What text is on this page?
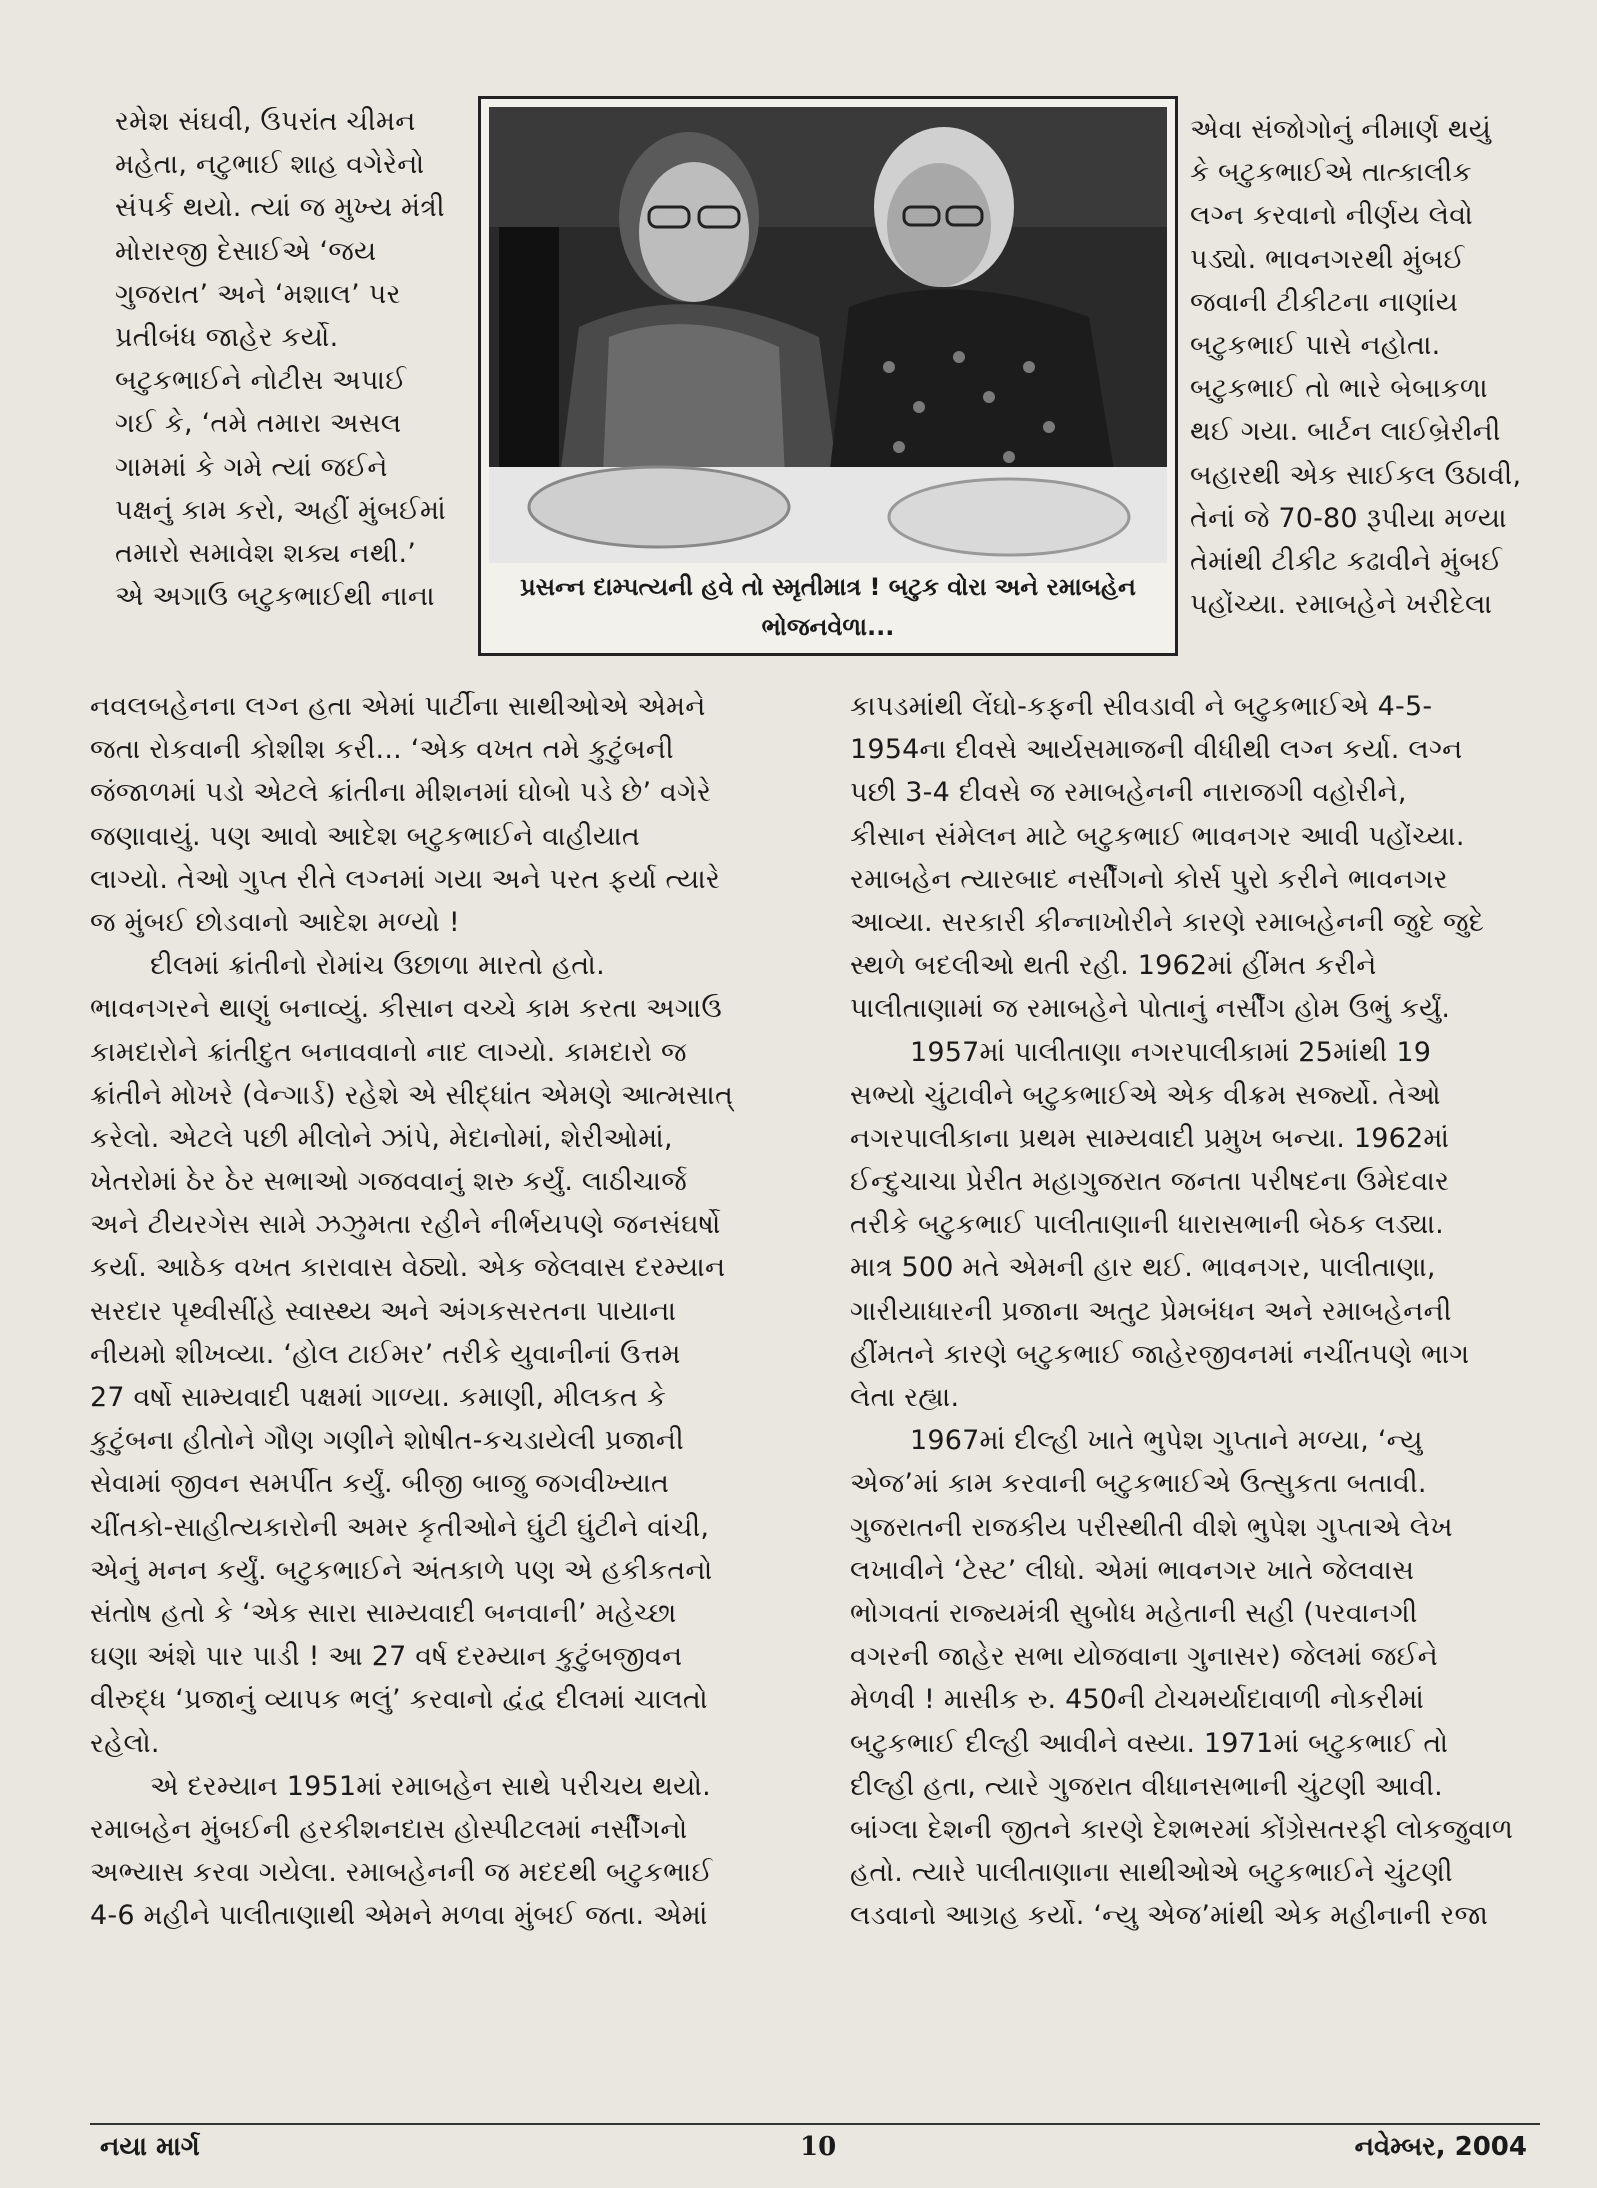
રમેશ સંઘવી, ઉપરાંત ચીમન
મહેતા, નટુભાઈ શાહ વગેરેનો
સંપર્ક થયો. ત્યાં જ મુખ્ય મંત્રી
મોરારજી દેસાઈએ ‘જય
ગુજરાત’ અને ‘મશાલ’ પર
પ્રતીબંધ જાહેર કર્યો.
બટુકભાઈને નોટીસ અપાઈ
ગઈ કે, ‘તમે તમારા અસલ
ગામમાં કે ગમે ત્યાં જઈને
પક્ષનું કામ કરો, અહીં મુંબઈમાં
તમારો સમાવેશ શક્ય નથી.’
એ અગાઉ બટુકભાઈથી નાના
એવા સંજોગોનું નીમાર્ણ થયું
કે બટુકભાઈએ તાત્કાલીક
લગ્ન કરવાનો નીર્ણય લેવો
પડ્યો. ભાવનગરથી મુંબઈ
જવાની ટીકીટના નાણાંય
બટુકભાઈ પાસે નહોતા.
બટુકભાઈ તો ભારે બેબાકળા
થઈ ગયા. બાર્ટન લાઈબ્રેરીની
બહારથી એક સાઈકલ ઉઠાવી,
તેનાં જે 70-80 રૂપીયા મળ્યા
તેમાંથી ટીકીટ કઢાવીને મુંબઈ
પહોંચ્યા. રમાબહેને ખરીદેલા
પ્રસન્ન દામ્પત્યની હવે તો સ્મૃતીમાત્ર ! બટુક વોરા અને રમાબહેન
ભોજનવેળા...
નવલબહેનના લગ્ન હતા એમાં પાર્ટીના સાથીઓએ એમને
જતા રોકવાની કોશીશ કરી... ‘એક વખત તમે કુટુંબની
જંજાળમાં પડો એટલે ક્રાંતીના મીશનમાં ઘોબો પડે છે’ વગેરે
જણાવાયું. પણ આવો આદેશ બટુકભાઈને વાહીયાત
લાગ્યો. તેઓ ગુપ્ત રીતે લગ્નમાં ગયા અને પરત ફર્યા ત્યારે
જ મુંબઈ છોડવાનો આદેશ મળ્યો !
દીલમાં ક્રાંતીનો રોમાંચ ઉછાળા મારતો હતો.
ભાવનગરને થાણું બનાવ્યું. કીસાન વચ્ચે કામ કરતા અગાઉ
કામદારોને ક્રાંતીદુત બનાવવાનો નાદ લાગ્યો. કામદારો જ
ક્રાંતીને મોખરે (વેન્ગાર્ડ) રહેશે એ સીદ્ધાંત એમણે આત્મસાત્
કરેલો. એટલે પછી મીલોને ઝાંપે, મેદાનોમાં, શેરીઓમાં,
ખેતરોમાં ઠેર ઠેર સભાઓ ગજવવાનું શરુ કર્યું. લાઠીચાર્જ
અને ટીયરગેસ સામે ઝઝુમતા રહીને નીર્ભયપણે જનસંઘર્ષો
કર્યા. આઠેક વખત કારાવાસ વેઠ્યો. એક જેલવાસ દરમ્યાન
સરદાર પૃથ્વીસીંહે સ્વાસ્થ્ય અને અંગકસરતના પાયાના
નીયમો શીખવ્યા. ‘હોલ ટાઈમર’ તરીકે યુવાનીનાં ઉત્તમ
27 વર્ષો સામ્યવાદી પક્ષમાં ગાળ્યા. કમાણી, મીલકત કે
કુટુંબના હીતોને ગૌણ ગણીને શોષીત-કચડાયેલી પ્રજાની
સેવામાં જીવન સમર્પીત કર્યું. બીજી બાજુ જગવીખ્યાત
ચીંતકો-સાહીત્યકારોની અમર કૃતીઓને ઘુંટી ઘુંટીને વાંચી,
એનું મનન કર્યું. બટુકભાઈને અંતકાળે પણ એ હકીકતનો
સંતોષ હતો કે ‘એક સારા સામ્યવાદી બનવાની’ મહેચ્છા
ઘણા અંશે પાર પાડી ! આ 27 વર્ષ દરમ્યાન કુટુંબજીવન
વીરુદ્ધ ‘પ્રજાનું વ્યાપક ભલું’ કરવાનો દ્વંદ્વ દીલમાં ચાલતો
રહેલો.
એ દરમ્યાન 1951માં રમાબહેન સાથે પરીચય થયો.
રમાબહેન મુંબઈની હરકીશનદાસ હોસ્પીટલમાં નર્સીંગનો
અભ્યાસ કરવા ગયેલા. રમાબહેનની જ મદદથી બટુકભાઈ
4-6 મહીને પાલીતાણાથી એમને મળવા મુંબઈ જતા. એમાં
કાપડમાંથી લેંઘો-કફની સીવડાવી ને બટુકભાઈએ 4-5-
1954ના દીવસે આર્યસમાજની વીધીથી લગ્ન કર્યા. લગ્ન
પછી 3-4 દીવસે જ રમાબહેનની નારાજગી વહોરીને,
કીસાન સંમેલન માટે બટુકભાઈ ભાવનગર આવી પહોંચ્યા.
રમાબહેન ત્યારબાદ નર્સીંગનો કોર્સ પુરો કરીને ભાવનગર
આવ્યા. સરકારી કીન્નાખોરીને કારણે રમાબહેનની જુદે જુદે
સ્થળે બદલીઓ થતી રહી. 1962માં હીંમત કરીને
પાલીતાણામાં જ રમાબહેને પોતાનું નર્સીંગ હોમ ઉભું કર્યું.
1957માં પાલીતાણા નગરપાલીકામાં 25માંથી 19
સભ્યો ચુંટાવીને બટુકભાઈએ એક વીક્રમ સર્જ્યો. તેઓ
નગરપાલીકાના પ્રથમ સામ્યવાદી પ્રમુખ બન્યા. 1962માં
ઈન્દુચાચા પ્રેરીત મહાગુજરાત જનતા પરીષદના ઉમેદવાર
તરીકે બટુકભાઈ પાલીતાણાની ધારાસભાની બેઠક લડ્યા.
માત્ર 500 મતે એમની હાર થઈ. ભાવનગર, પાલીતાણા,
ગારીયાધારની પ્રજાના અતુટ પ્રેમબંધન અને રમાબહેનની
હીંમતને કારણે બટુકભાઈ જાહેરજીવનમાં નચીંતપણે ભાગ
લેતા રહ્યા.
1967માં દીલ્હી ખાતે ભુપેશ ગુપ્તાને મળ્યા, ‘ન્યુ
એજ’માં કામ કરવાની બટુકભાઈએ ઉત્સુકતા બતાવી.
ગુજરાતની રાજકીય પરીસ્થીતી વીશે ભુપેશ ગુપ્તાએ લેખ
લખાવીને ‘ટેસ્ટ’ લીધો. એમાં ભાવનગર ખાતે જેલવાસ
ભોગવતાં રાજ્યમંત્રી સુબોધ મહેતાની સહી (પરવાનગી
વગરની જાહેર સભા યોજવાના ગુનાસર) જેલમાં જઈને
મેળવી ! માસીક રુ. 450ની ટોચમર્યાદાવાળી નોકરીમાં
બટુકભાઈ દીલ્હી આવીને વસ્યા. 1971માં બટુકભાઈ તો
દીલ્હી હતા, ત્યારે ગુજરાત વીધાનસભાની ચુંટણી આવી.
બાંગ્લા દેશની જીતને કારણે દેશભરમાં કોંગ્રેસતરફી લોકજુવાળ
હતો. ત્યારે પાલીતાણાના સાથીઓએ બટુકભાઈને ચુંટણી
લડવાનો આગ્રહ કર્યો. ‘ન્યુ એજ’માંથી એક મહીનાની રજા
નયા માર્ગ	10	નવેમ્બર, 2004
